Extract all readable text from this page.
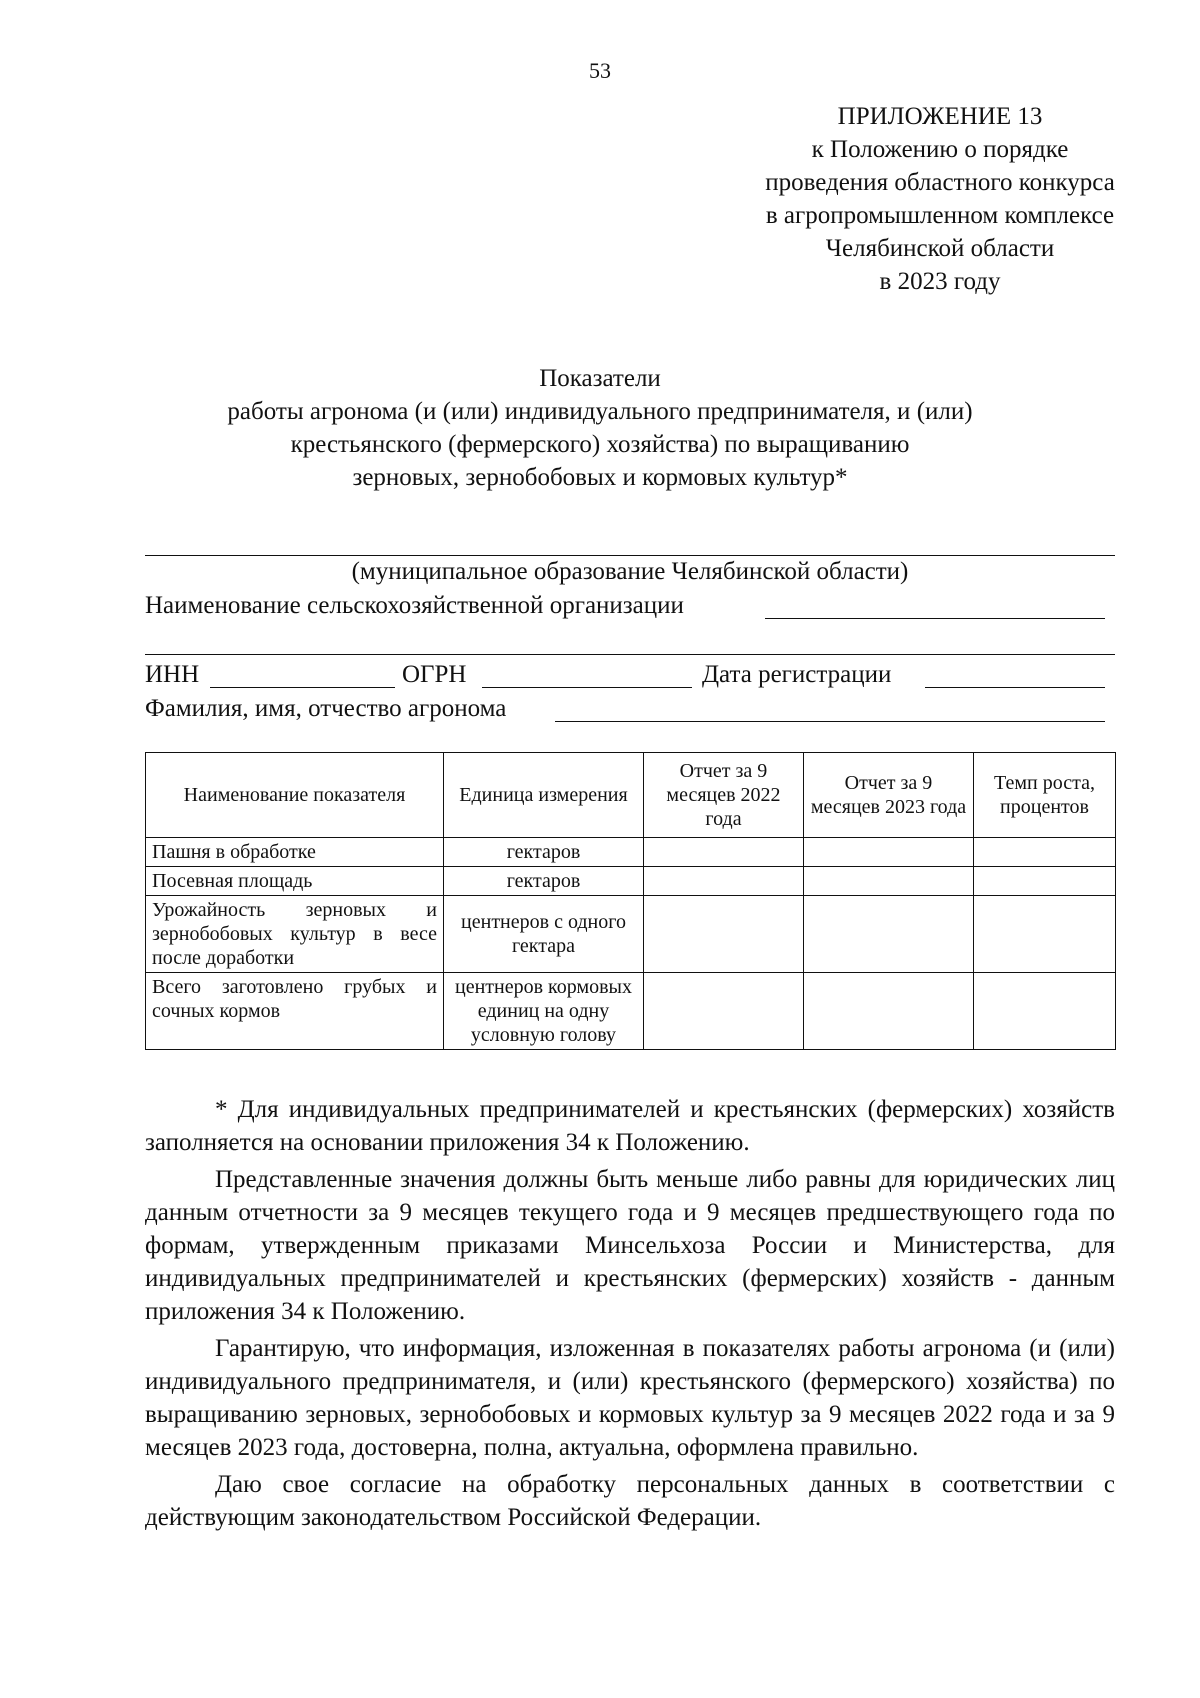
53
ПРИЛОЖЕНИЕ 13
к Положению о порядке
проведения областного конкурса
в агропромышленном комплексе
Челябинской области
в 2023 году
Показатели
работы агронома (и (или) индивидуального предпринимателя, и (или)
крестьянского (фермерского) хозяйства) по выращиванию
зерновых, зернобобовых и кормовых культур*
(муниципальное образование Челябинской области)
Наименование сельскохозяйственной организации
ИНН	ОГРН	Дата регистрации
Фамилия, имя, отчество агронома
Наименование показателя	Единица измерения	Отчет за 9 месяцев 2022 года	Отчет за 9 месяцев 2023 года	Темп роста, процентов
Пашня в обработке	гектаров			
Посевная площадь	гектаров			
Урожайность зерновых и зернобобовых культур в весе после доработки	центнеров с одного гектара			
Всего заготовлено грубых и сочных кормов	центнеров кормовых единиц на одну условную голову			

* Для индивидуальных предпринимателей и крестьянских (фермерских) хозяйств заполняется на основании приложения 34 к Положению.

Представленные значения должны быть меньше либо равны для юридических лиц данным отчетности за 9 месяцев текущего года и 9 месяцев предшествующего года по формам, утвержденным приказами Минсельхоза России и Министерства, для индивидуальных предпринимателей и крестьянских (фермерских) хозяйств - данным приложения 34 к Положению.

Гарантирую, что информация, изложенная в показателях работы агронома (и (или) индивидуального предпринимателя, и (или) крестьянского (фермерского) хозяйства) по выращиванию зерновых, зернобобовых и кормовых культур за 9 месяцев 2022 года и за 9 месяцев 2023 года, достоверна, полна, актуальна, оформлена правильно.

Даю свое согласие на обработку персональных данных в соответствии с действующим законодательством Российской Федерации.
